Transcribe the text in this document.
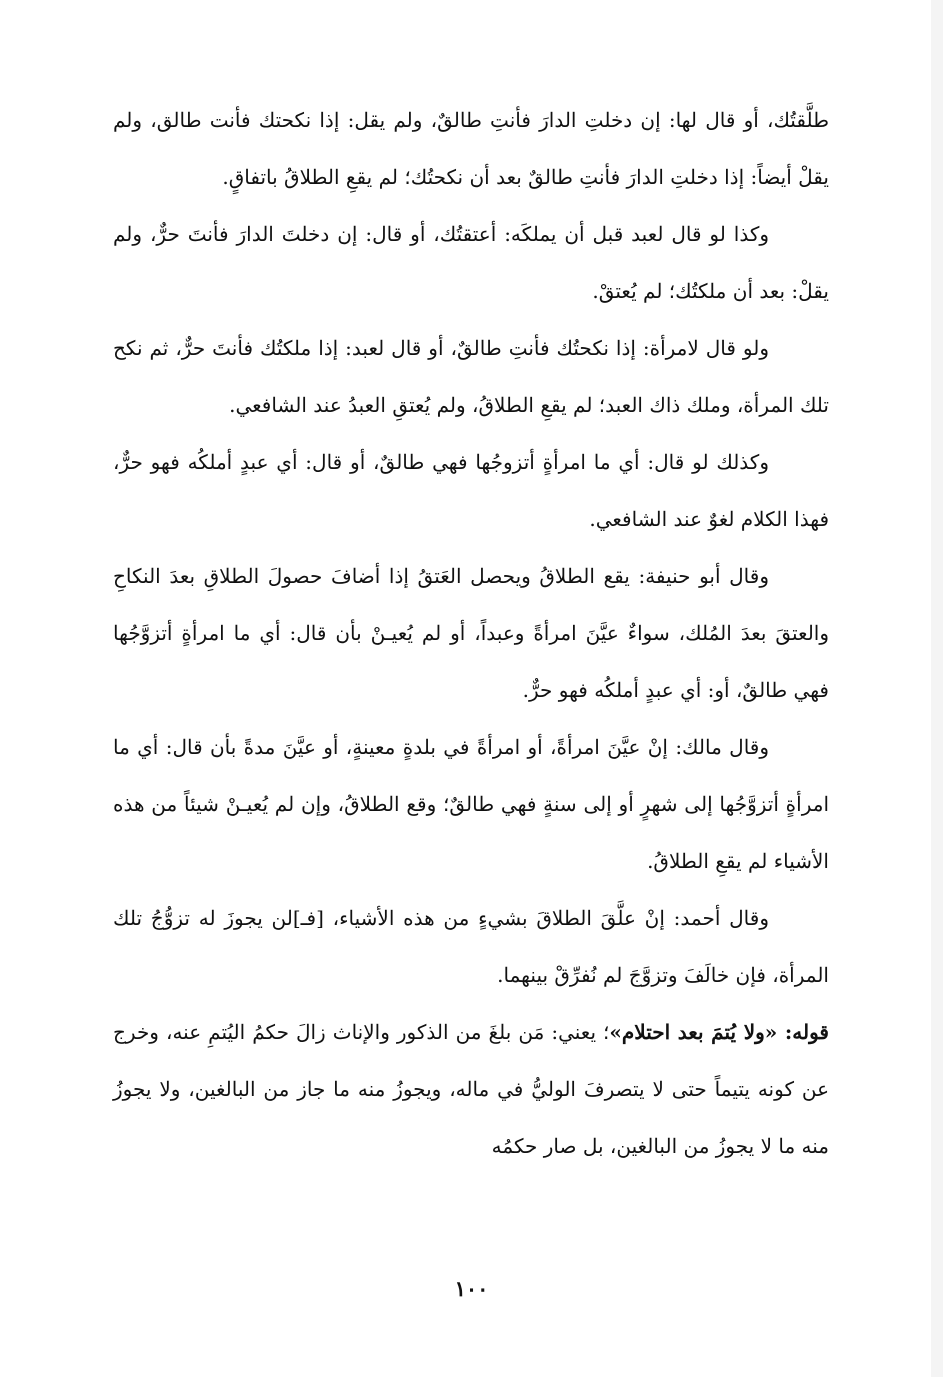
طلَّقتُك، أو قال لها: إن دخلتِ الدارَ فأنتِ طالقٌ، ولم يقل: إذا نكحتك فأنت طالق، ولم يقلْ أيضاً: إذا دخلتِ الدارَ فأنتِ طالقٌ بعد أن نكحتُك؛ لم يقعِ الطلاقُ باتفاقٍ.

وكذا لو قال لعبد قبل أن يملكَه: أعتقتُك، أو قال: إن دخلتَ الدارَ فأنتَ حرٌّ، ولم يقلْ: بعد أن ملكتُك؛ لم يُعتقْ.

ولو قال لامرأة: إذا نكحتُك فأنتِ طالقٌ، أو قال لعبد: إذا ملكتُك فأنتَ حرٌّ، ثم نكح تلك المرأة، وملك ذاك العبد؛ لم يقعِ الطلاقُ، ولم يُعتقِ العبدُ عند الشافعي.

وكذلك لو قال: أي ما امرأةٍ أتزوجُها فهي طالقٌ، أو قال: أي عبدٍ أملكُه فهو حرٌّ، فهذا الكلام لغوٌ عند الشافعي.

وقال أبو حنيفة: يقع الطلاقُ ويحصل العَتقُ إذا أضافَ حصولَ الطلاقِ بعدَ النكاحِ والعتقَ بعدَ المُلك، سواءٌ عيَّنَ امرأةً وعبداً، أو لم يُعيـنْ بأن قال: أي ما امرأةٍ أتزوَّجُها فهي طالقٌ، أو: أي عبدٍ أملكُه فهو حرٌّ.

وقال مالك: إنْ عيَّنَ امرأةً، أو امرأةً في بلدةٍ معينةٍ، أو عيَّنَ مدةً بأن قال: أي ما امرأةٍ أتزوَّجُها إلى شهرٍ أو إلى سنةٍ فهي طالقٌ؛ وقع الطلاقُ، وإن لم يُعيـنْ شيئاً من هذه الأشياء لم يقعِ الطلاقُ.

وقال أحمد: إنْ علَّقَ الطلاقَ بشيءٍ من هذه الأشياء، [فـ]لن يجوزَ له تزوُّجُ تلك المرأة، فإن خالَفَ وتزوَّجَ لم نُفرِّقْ بينهما.

قوله: «ولا يُتمَ بعد احتلام»؛ يعني: مَن بلغَ من الذكور والإناث زالَ حكمُ اليُتمِ عنه، وخرج عن كونه يتيماً حتى لا يتصرفَ الوليُّ في ماله، ويجوزُ منه ما جاز من البالغين، ولا يجوزُ منه ما لا يجوزُ من البالغين، بل صار حكمُه

١٠٠
